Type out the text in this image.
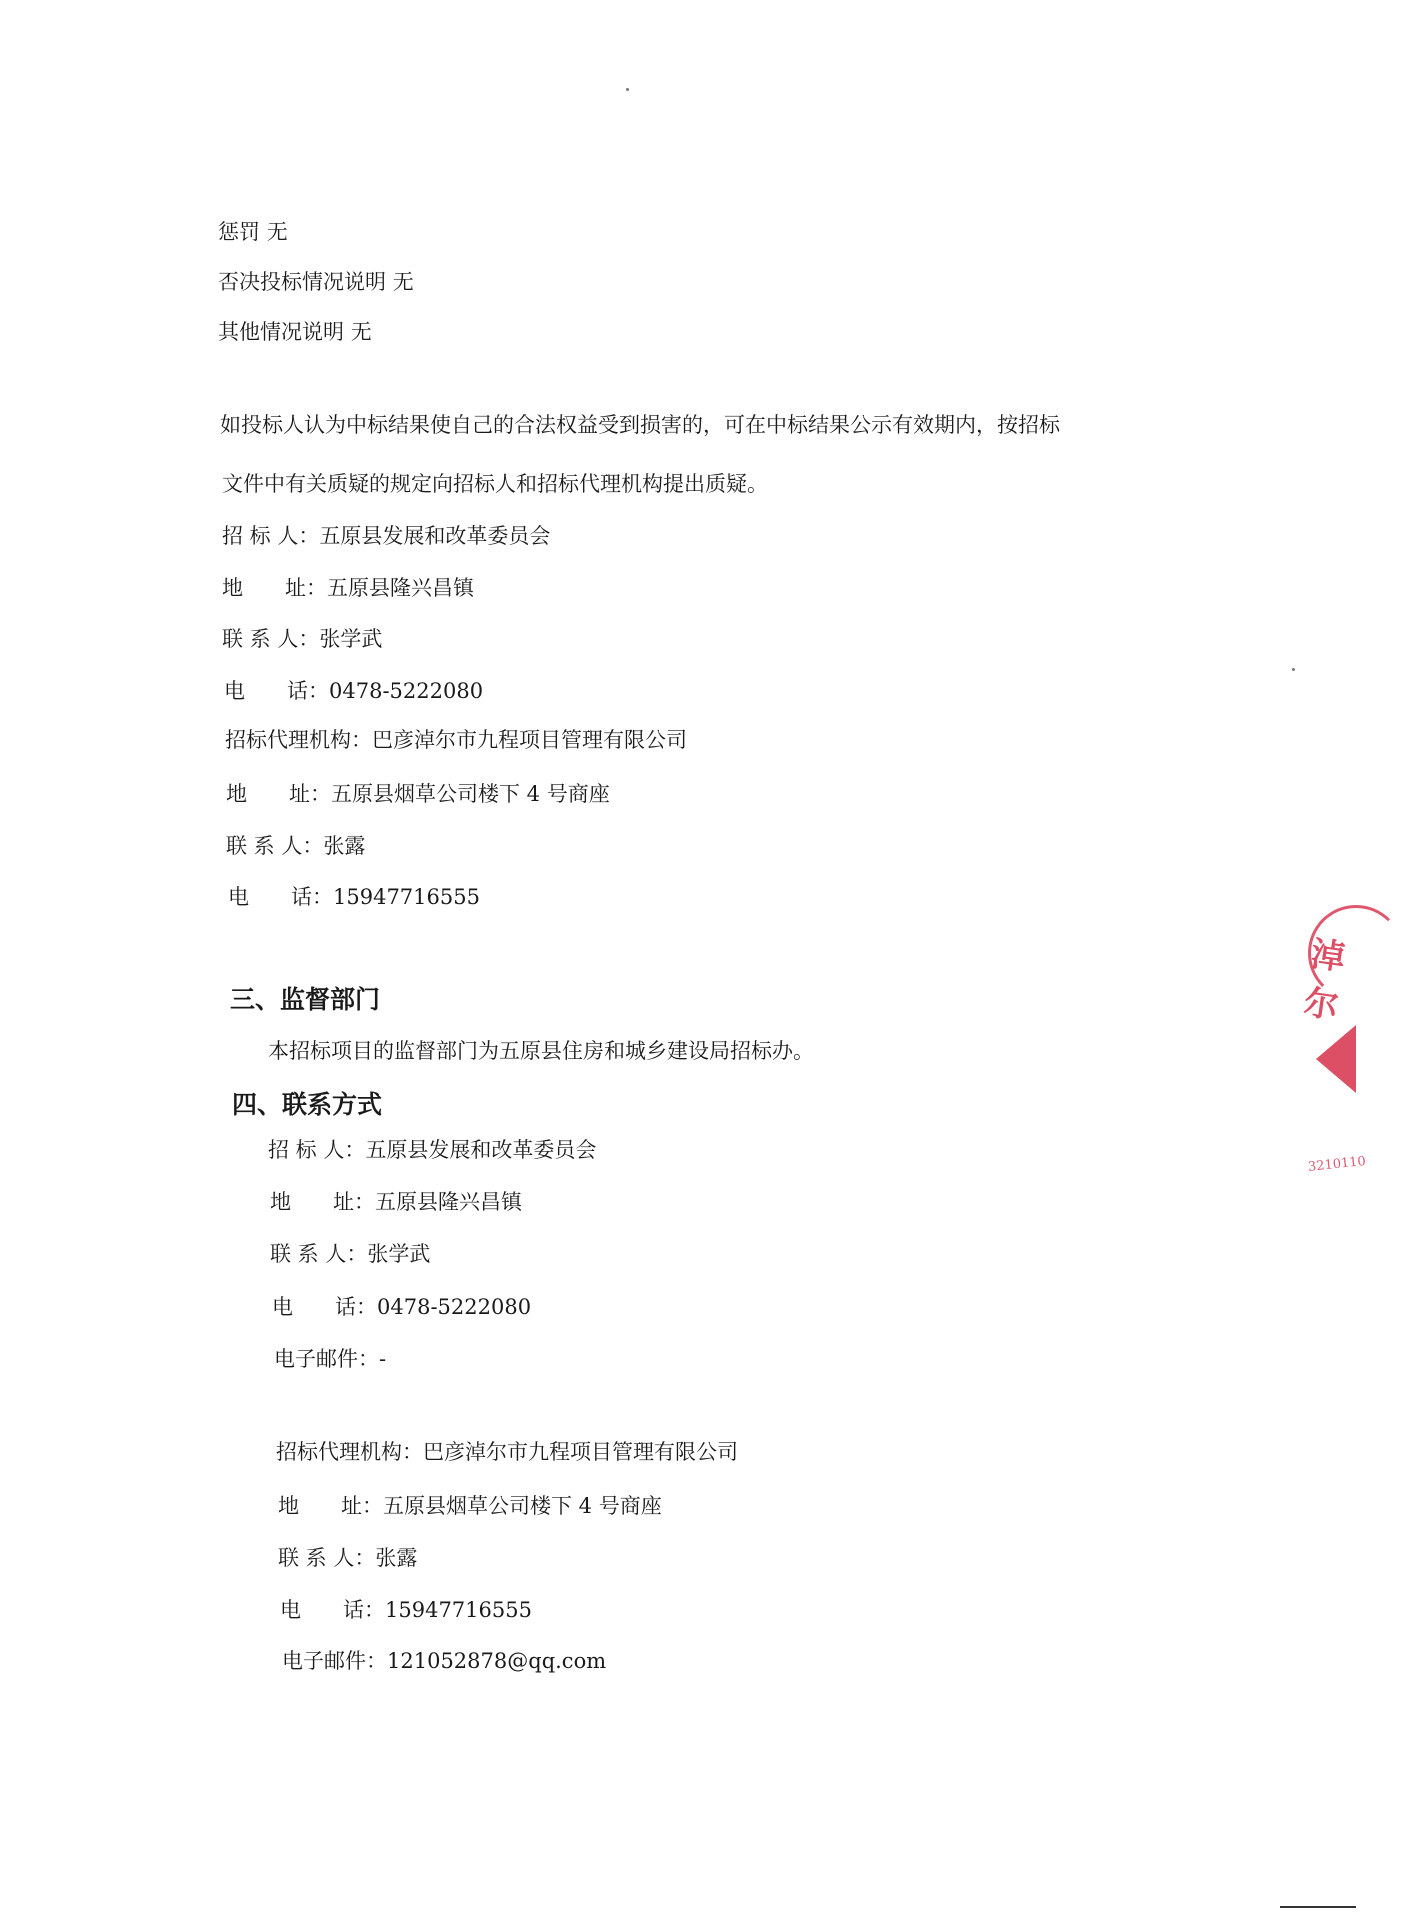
惩罚 无
否决投标情况说明 无
其他情况说明 无
如投标人认为中标结果使自己的合法权益受到损害的，可在中标结果公示有效期内，按招标
文件中有关质疑的规定向招标人和招标代理机构提出质疑。
招 标 人：五原县发展和改革委员会
地　　址：五原县隆兴昌镇
联 系 人：张学武
电　　话：0478-5222080
招标代理机构：巴彦淖尔市九程项目管理有限公司
地　　址：五原县烟草公司楼下 4 号商座
联 系 人：张露
电　　话：15947716555
三、监督部门
本招标项目的监督部门为五原县住房和城乡建设局招标办。
四、联系方式
招 标 人：五原县发展和改革委员会
地　　址：五原县隆兴昌镇
联 系 人：张学武
电　　话：0478-5222080
电子邮件：-
招标代理机构：巴彦淖尔市九程项目管理有限公司
地　　址：五原县烟草公司楼下 4 号商座
联 系 人：张露
电　　话：15947716555
电子邮件：121052878@qq.com
淖尔
3210110
